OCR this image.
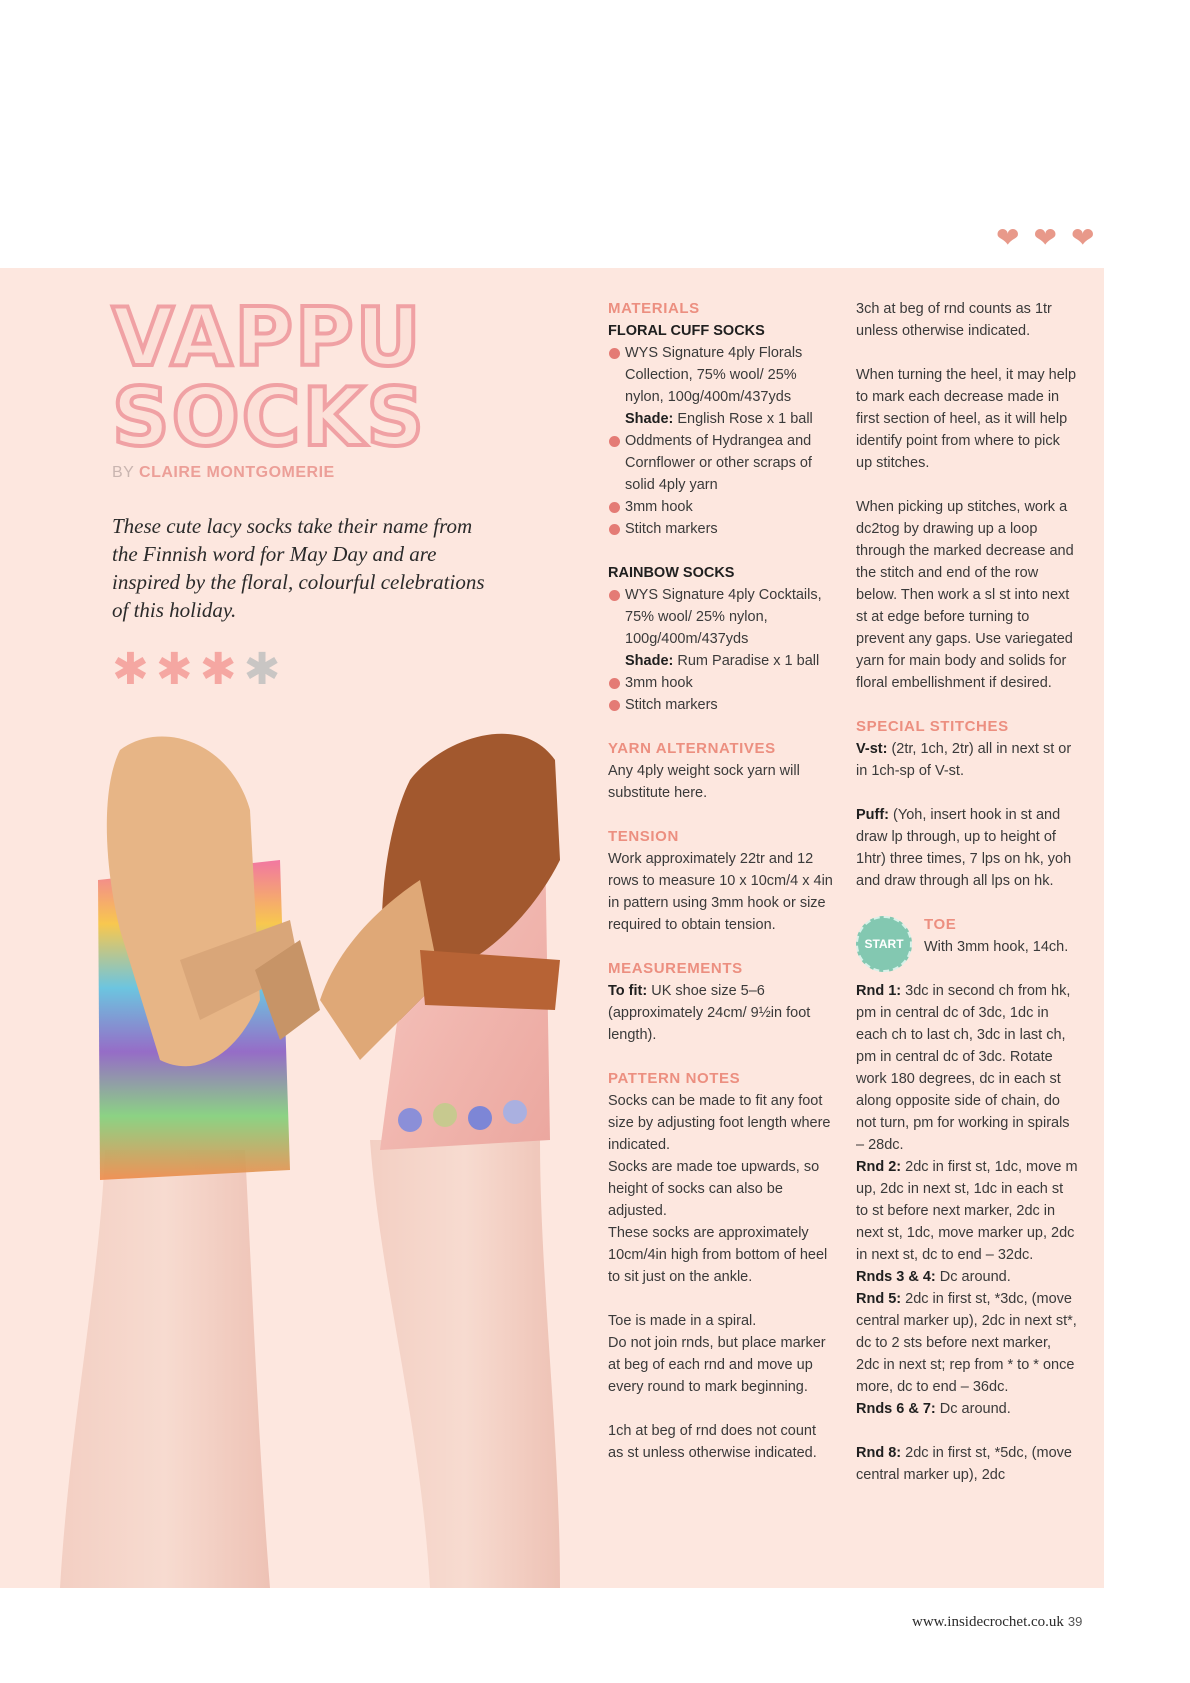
❤ ❤ ❤
VAPPU
SOCKS
BY CLAIRE MONTGOMERIE
These cute lacy socks take their name from the Finnish word for May Day and are inspired by the floral, colourful celebrations of this holiday.
✱ ✱ ✱ ✱

MATERIALS

FLORAL CUFF SOCKS

WYS Signature 4ply Florals Collection, 75% wool/ 25% nylon, 100g/400m/437yds

Shade: English Rose x 1 ball

Oddments of Hydrangea and Cornflower or other scraps of solid 4ply yarn
3mm hook
Stitch markers

RAINBOW SOCKS

WYS Signature 4ply Cocktails, 75% wool/ 25% nylon, 100g/400m/437yds

Shade: Rum Paradise x 1 ball

3mm hook
Stitch markers

YARN ALTERNATIVES

Any 4ply weight sock yarn will substitute here.

TENSION

Work approximately 22tr and 12 rows to measure 10 x 10cm/4 x 4in in pattern using 3mm hook or size required to obtain tension.

MEASUREMENTS

To fit: UK shoe size 5–6 (approximately 24cm/ 9½in foot length).

PATTERN NOTES

Socks can be made to fit any foot size by adjusting foot length where indicated.

Socks are made toe upwards, so height of socks can also be adjusted.

These socks are approximately 10cm/4in high from bottom of heel to sit just on the ankle.

Toe is made in a spiral.

Do not join rnds, but place marker at beg of each rnd and move up every round to mark beginning.

1ch at beg of rnd does not count as st unless otherwise indicated.

3ch at beg of rnd counts as 1tr unless otherwise indicated.

When turning the heel, it may help to mark each decrease made in first section of heel, as it will help identify point from where to pick up stitches.

When picking up stitches, work a dc2tog by drawing up a loop through the marked decrease and the stitch and end of the row below. Then work a sl st into next st at edge before turning to prevent any gaps. Use variegated yarn for main body and solids for floral embellishment if desired.

SPECIAL STITCHES

V-st: (2tr, 1ch, 2tr) all in next st or in 1ch-sp of V-st.

Puff: (Yoh, insert hook in st and draw lp through, up to height of 1htr) three times, 7 lps on hk, yoh and draw through all lps on hk.

START

TOE

With 3mm hook, 14ch.

Rnd 1: 3dc in second ch from hk, pm in central dc of 3dc, 1dc in each ch to last ch, 3dc in last ch, pm in central dc of 3dc. Rotate work 180 degrees, dc in each st along opposite side of chain, do not turn, pm for working in spirals – 28dc.

Rnd 2: 2dc in first st, 1dc, move m up, 2dc in next st, 1dc in each st to st before next marker, 2dc in next st, 1dc, move marker up, 2dc in next st, dc to end – 32dc.

Rnds 3 & 4: Dc around.

Rnd 5: 2dc in first st, *3dc, (move central marker up), 2dc in next st*, dc to 2 sts before next marker, 2dc in next st; rep from * to * once more, dc to end – 36dc.

Rnds 6 & 7: Dc around.

Rnd 8: 2dc in first st, *5dc, (move central marker up), 2dc

www.insidecrochet.co.uk 39
